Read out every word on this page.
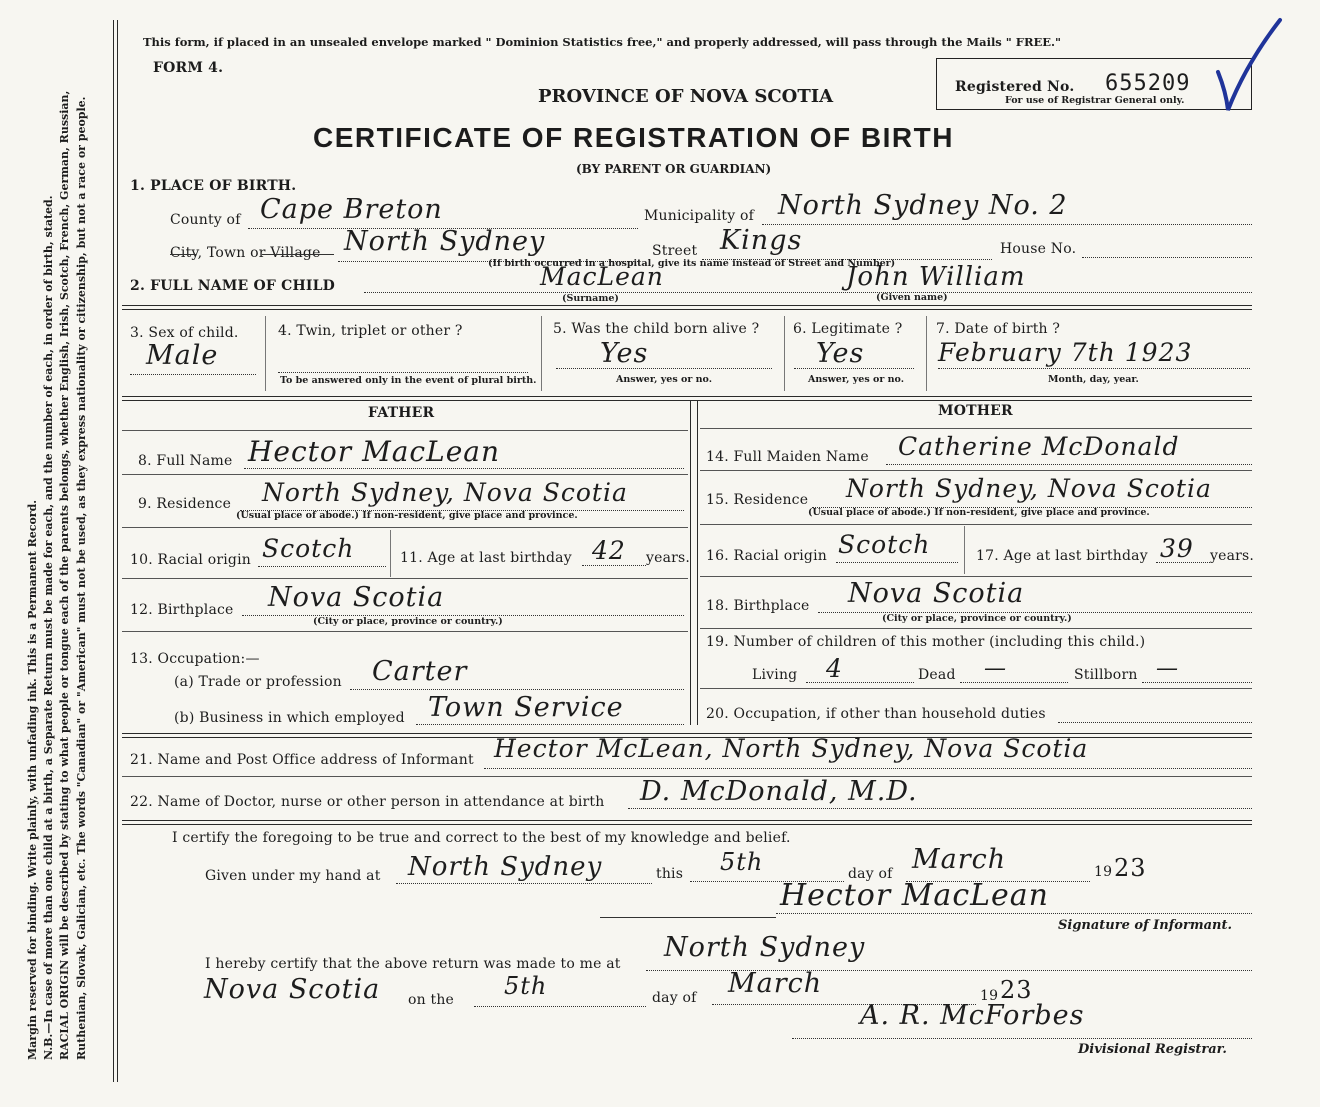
Margin reserved for binding. Write plainly, with unfading ink. This is a Permanent Record. N.B.—In case of more than one child at a birth, a Separate Return must be made for each, and the number of each, in order of birth, stated. RACIAL ORIGIN will be described by stating to what people or tongue each of the parents belongs, whether English, Irish, Scotch, French, German, Russian, Ruthenian, Slovak, Galician, etc. The words "Canadian" or "American" must not be used, as they express nationality or citizenship, but not a race or people.
This form, if placed in an unsealed envelope marked " Dominion Statistics free," and properly addressed, will pass through the Mails " FREE."
FORM 4.
PROVINCE OF NOVA SCOTIA
CERTIFICATE OF REGISTRATION OF BIRTH
(BY PARENT OR GUARDIAN)
Registered No. 655209
For use of Registrar General only.
1. PLACE OF BIRTH.
County of Cape Breton	Municipality of North Sydney No. 2
City, Town or Village North Sydney	Street Kings	House No.
(If birth occurred in a hospital, give its name instead of Street and Number)
2. FULL NAME OF CHILD	MacLean
(Surname)
John William
(Given name)
3. Sex of child.
Male
4. Twin, triplet or other ?
To be answered only in the event of plural birth.
5. Was the child born alive ?
Yes
Answer, yes or no.
6. Legitimate ?
Yes
Answer, yes or no.
7. Date of birth ?
February 7th 1923
Month, day, year.
FATHER	MOTHER
8. Full Name Hector MacLean
9. Residence North Sydney, Nova Scotia
(Usual place of abode.) If non-resident, give place and province.
10. Racial origin Scotch	11. Age at last birthday 42 years.
12. Birthplace Nova Scotia
(City or place, province or country.)
13. Occupation:—
(a) Trade or profession Carter
(b) Business in which employed Town Service
14. Full Maiden Name Catherine McDonald
15. Residence North Sydney, Nova Scotia
(Usual place of abode.) If non-resident, give place and province.
16. Racial origin Scotch	17. Age at last birthday 39 years.
18. Birthplace Nova Scotia
(City or place, province or country.)
19. Number of children of this mother (including this child.)
Living 4	Dead —	Stillborn —
20. Occupation, if other than household duties
21. Name and Post Office address of Informant Hector McLean, North Sydney, Nova Scotia
22. Name of Doctor, nurse or other person in attendance at birth D. McDonald, M.D.
I certify the foregoing to be true and correct to the best of my knowledge and belief.
Given under my hand at North Sydney	this 5th	day of March	19 23
Hector MacLean
Signature of Informant.
I hereby certify that the above return was made to me at
North Sydney
Nova Scotia on the 5th	day of March	19 23
A. R. McForbes
Divisional Registrar.
